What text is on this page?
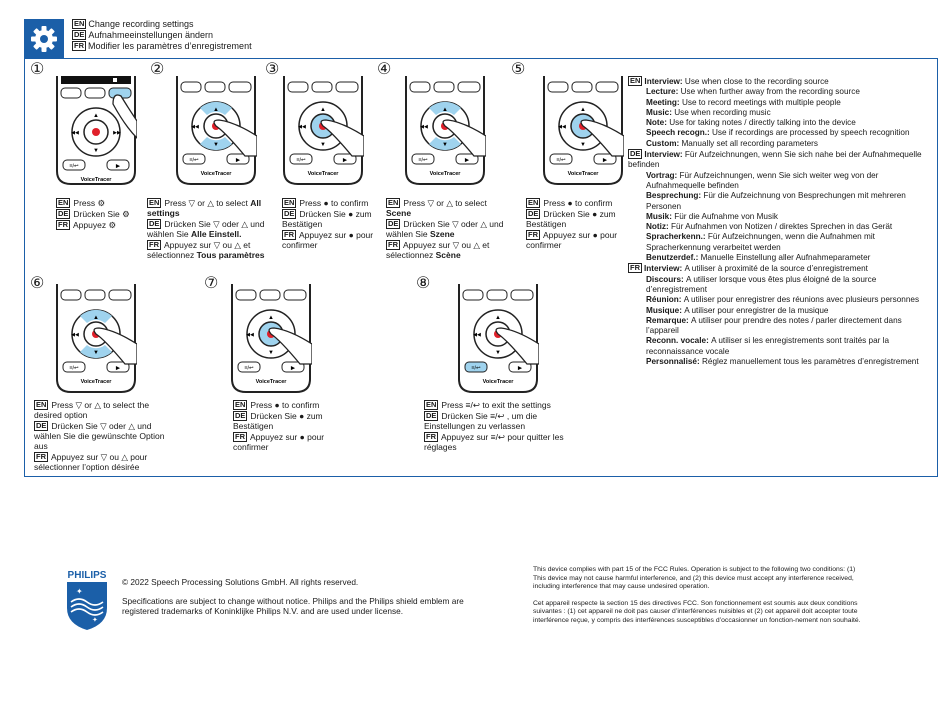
EN Change recording settings
DE Aufnahmeeinstellungen ändern
FR Modifier les paramètres d’enregistrement
①
▲
▼
◀◀	▶▶
≡/↩	▶
VoiceTracer
EN Press ⚙
DE Drücken Sie ⚙
FR Appuyez ⚙
②
▲
▼
◀◀
≡/↩	▶
VoiceTracer
EN Press ▽ or △ to select All settings
DE Drücken Sie ▽ oder △ und wählen Sie Alle Einstell.
FR Appuyez sur ▽ ou △ et sélectionnez Tous paramètres
③
▲
▼
◀◀
≡/↩	▶
VoiceTracer
EN Press ● to confirm
DE Drücken Sie ● zum Bestätigen
FR Appuyez sur ● pour confirmer
④
▲
▼
◀◀
≡/↩	▶
VoiceTracer
EN Press ▽ or △ to select Scene
DE Drücken Sie ▽ oder △ und wählen Sie Szene
FR Appuyez sur ▽ ou △ et sélectionnez Scène
⑤
▲
▼
◀◀
≡/↩	▶
VoiceTracer
EN Press ● to confirm
DE Drücken Sie ● zum Bestätigen
FR Appuyez sur ● pour confirmer
⑥
▲
▼
◀◀
≡/↩	▶
VoiceTracer
EN Press ▽ or △ to select the desired option
DE Drücken Sie ▽ oder △ und wählen Sie die gewünschte Option aus
FR Appuyez sur ▽ ou △ pour sélectionner l’option désirée
⑦
▲
▼
◀◀
≡/↩	▶
VoiceTracer
EN Press ● to confirm
DE Drücken Sie ● zum Bestätigen
FR Appuyez sur ● pour confirmer
⑧
▲
▼
◀◀
≡/↩	▶
VoiceTracer
EN Press ≡/↩ to exit the settings
DE Drücken Sie ≡/↩ , um die Einstellungen zu verlassen
FR Appuyez sur ≡/↩ pour quitter les réglages
EN Interview: Use when close to the recording source
Lecture: Use when further away from the recording source
Meeting: Use to record meetings with multiple people
Music: Use when recording music
Note: Use for taking notes / directly talking into the device
Speech recogn.: Use if recordings are processed by speech recognition
Custom: Manually set all recording parameters
DE Interview: Für Aufzeichnungen, wenn Sie sich nahe bei der Aufnahmequelle befinden
Vortrag: Für Aufzeichnungen, wenn Sie sich weiter weg von der Aufnahmequelle befinden
Besprechung: Für die Aufzeichnung von Besprechungen mit mehreren Personen
Musik: Für die Aufnahme von Musik
Notiz: Für Aufnahmen von Notizen / direktes Sprechen in das Gerät
Spracherkenn.: Für Aufzeichnungen, wenn die Aufnahmen mit Spracherkennung verarbeitet werden
Benutzerdef.: Manuelle Einstellung aller Aufnahmeparameter
FR Interview: A utiliser à proximité de la source d’enregistrement
Discours: A utiliser lorsque vous êtes plus éloigné de la source d’enregistrement
Réunion: A utiliser pour enregistrer des réunions avec plusieurs personnes
Musique: A utiliser pour enregistrer de la musique
Remarque: A utiliser pour prendre des notes / parler directement dans l’appareil
Reconn. vocale: A utiliser si les enregistrements sont traités par la reconnaissance vocale
Personnalisé: Réglez manuellement tous les paramètres d’enregistrement
PHILIPS
✦
✦
© 2022 Speech Processing Solutions GmbH. All rights reserved.
Specifications are subject to change without notice. Philips and the Philips shield emblem are registered trademarks of Koninklijke Philips N.V. and are used under license.
This device complies with part 15 of the FCC Rules. Operation is subject to the following two conditions: (1) This device may not cause harmful interference, and (2) this device must accept any interference received, including interference that may cause undesired operation.
Cet appareil respecte la section 15 des directives FCC. Son fonctionnement est soumis aux deux conditions suivantes : (1) cet appareil ne doit pas causer d’interférences nuisibles et (2) cet appareil doit accepter toute interférence reçue, y compris des interférences susceptibles d’occasionner un fonction-nement non souhaité.
